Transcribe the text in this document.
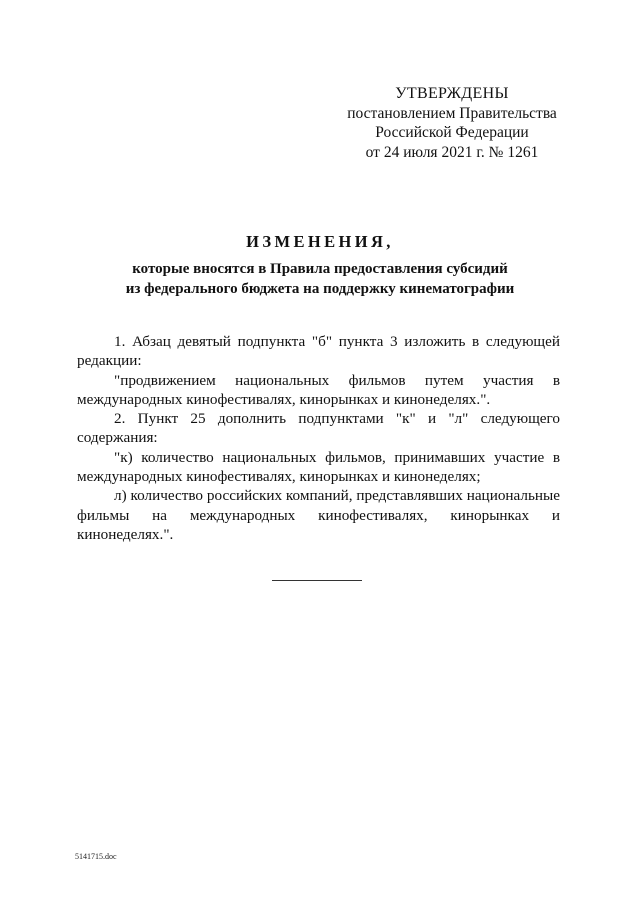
УТВЕРЖДЕНЫ
постановлением Правительства
Российской Федерации
от 24 июля 2021 г. № 1261
ИЗМЕНЕНИЯ,
которые вносятся в Правила предоставления субсидий
из федерального бюджета на поддержку кинематографии

1. Абзац девятый подпункта "б" пункта 3 изложить в следующей редакции:

"продвижением национальных фильмов путем участия в международных кинофестивалях, кинорынках и кинонеделях.".

2. Пункт 25 дополнить подпунктами "к" и "л" следующего содержания:

"к) количество национальных фильмов, принимавших участие в международных кинофестивалях, кинорынках и кинонеделях;

л) количество российских компаний, представлявших национальные фильмы на международных кинофестивалях, кинорынках и кинонеделях.".

5141715.doc
